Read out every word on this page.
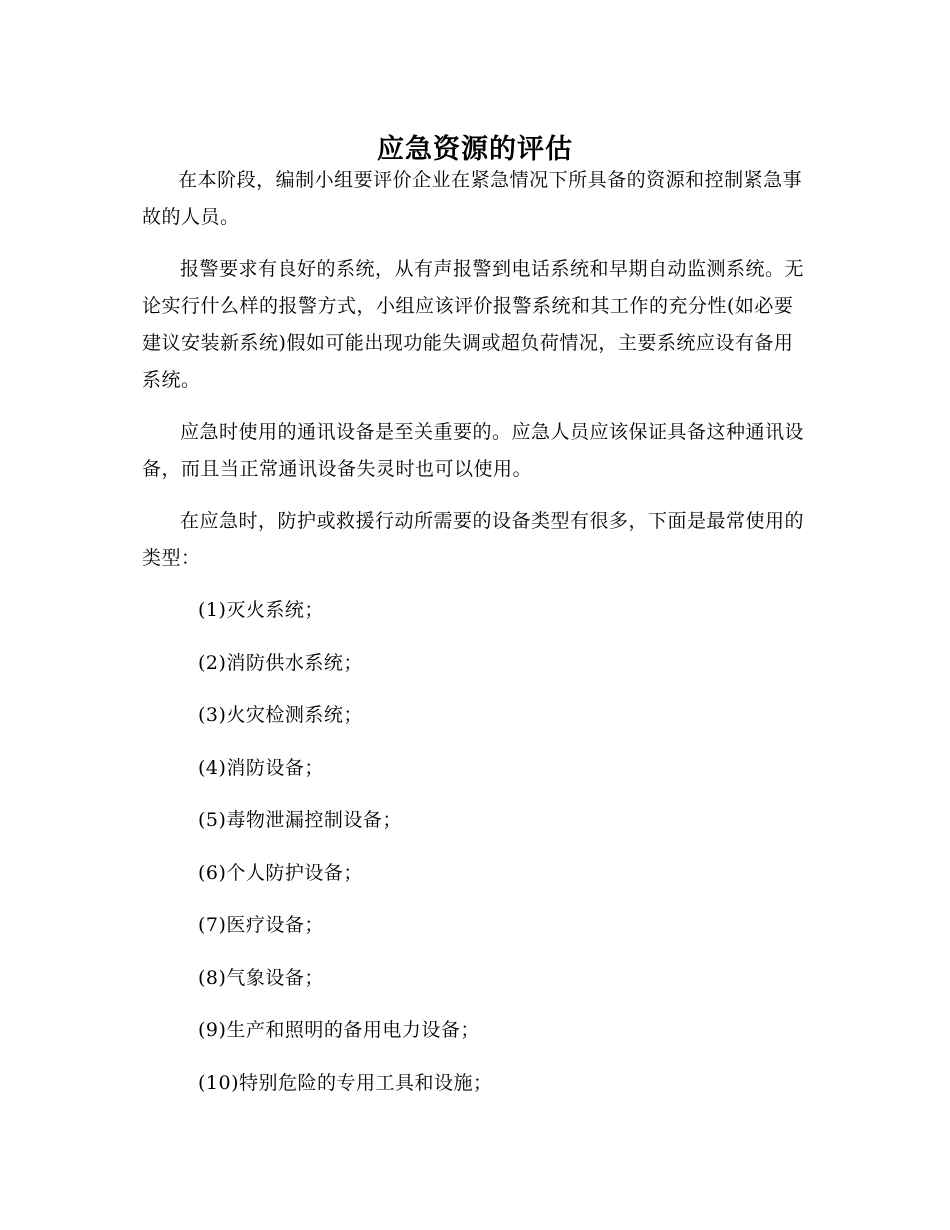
应急资源的评估

在本阶段，编制小组要评价企业在紧急情况下所具备的资源和控制紧急事故的人员。

报警要求有良好的系统，从有声报警到电话系统和早期自动监测系统。无论实行什么样的报警方式，小组应该评价报警系统和其工作的充分性(如必要建议安装新系统)假如可能出现功能失调或超负荷情况，主要系统应设有备用系统。

应急时使用的通讯设备是至关重要的。应急人员应该保证具备这种通讯设备，而且当正常通讯设备失灵时也可以使用。

在应急时，防护或救援行动所需要的设备类型有很多，下面是最常使用的类型：

(1)灭火系统；
(2)消防供水系统；
(3)火灾检测系统；
(4)消防设备；
(5)毒物泄漏控制设备；
(6)个人防护设备；
(7)医疗设备；
(8)气象设备；
(9)生产和照明的备用电力设备；
(10)特别危险的专用工具和设施；
